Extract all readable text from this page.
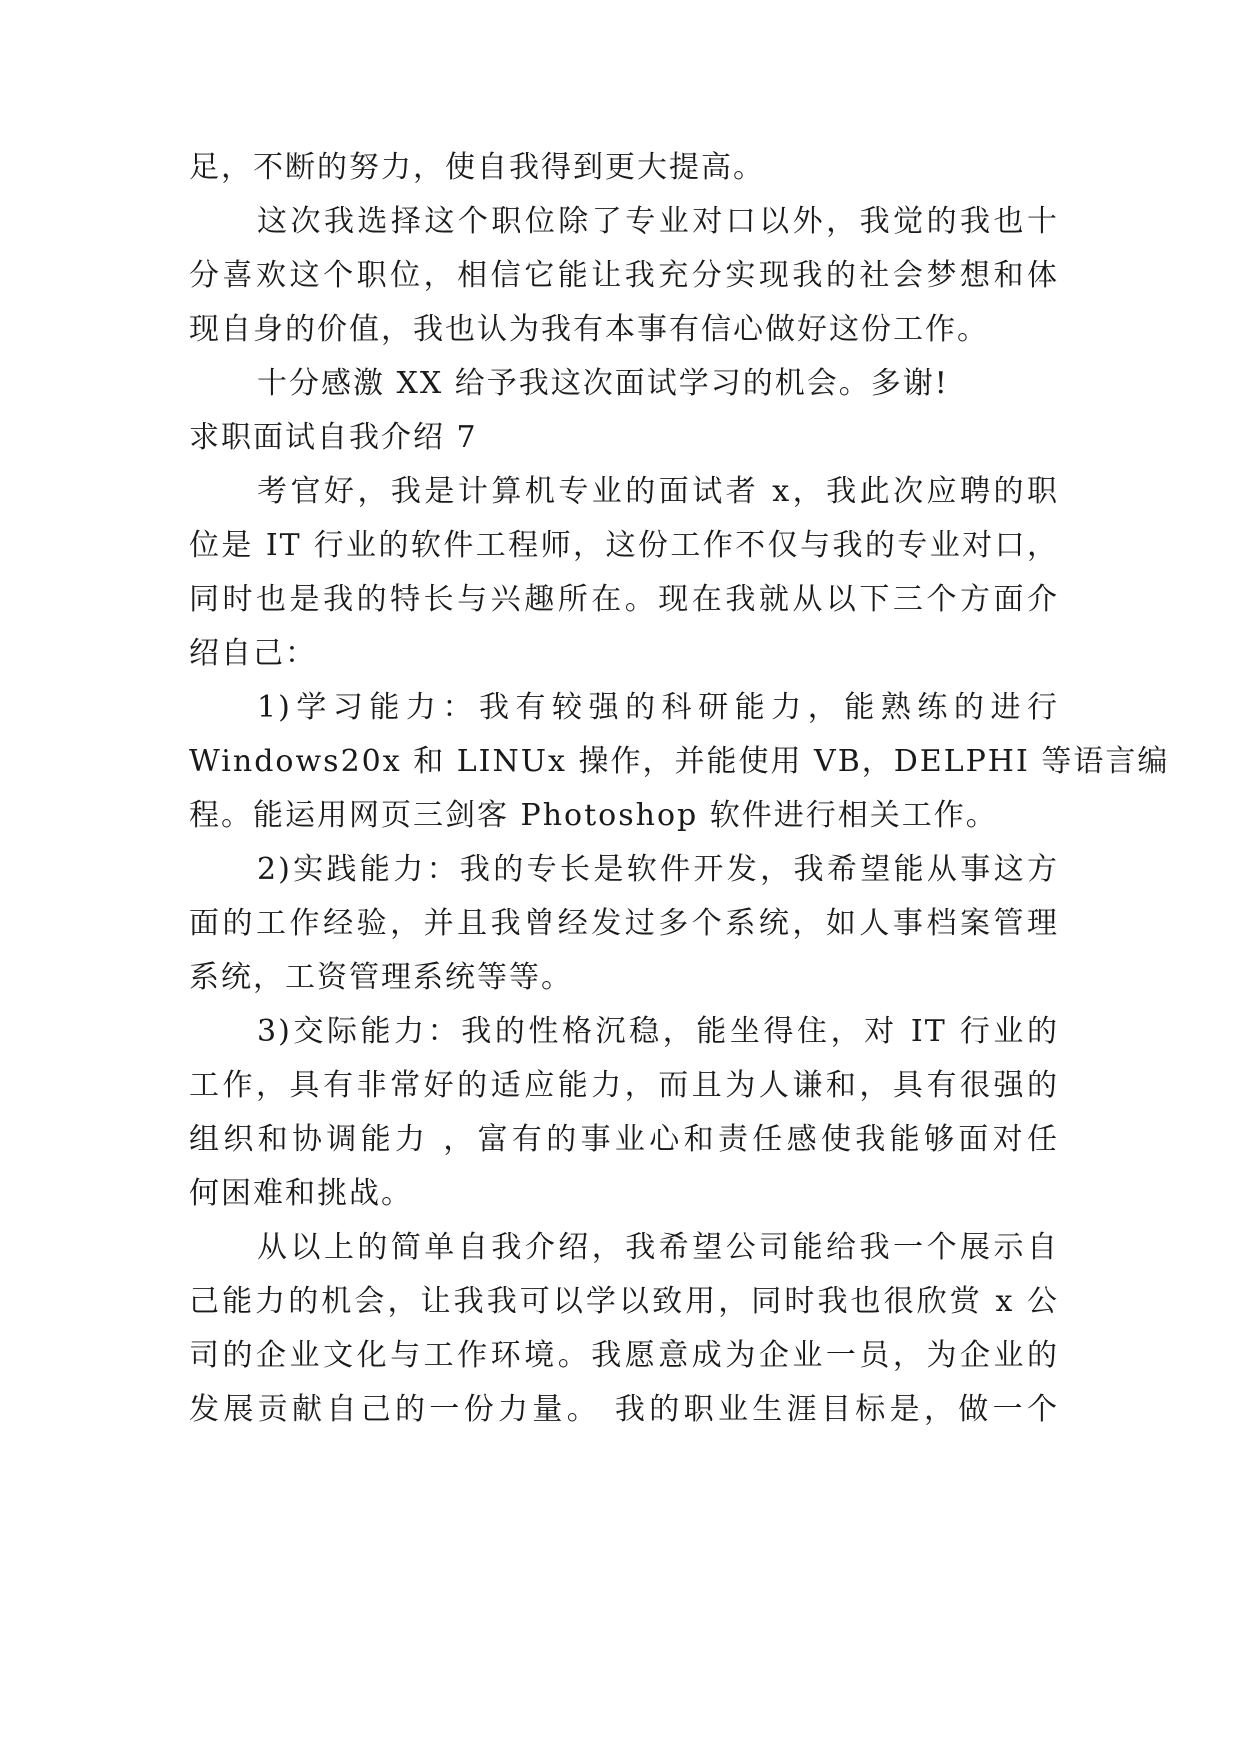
足，不断的努力，使自我得到更大提高。
这次我选择这个职位除了专业对口以外，我觉的我也十
分喜欢这个职位，相信它能让我充分实现我的社会梦想和体
现自身的价值，我也认为我有本事有信心做好这份工作。
十分感激 XX 给予我这次面试学习的机会。多谢!
求职面试自我介绍 7
考官好，我是计算机专业的面试者 x，我此次应聘的职
位是 IT 行业的软件工程师，这份工作不仅与我的专业对口，
同时也是我的特长与兴趣所在。现在我就从以下三个方面介
绍自己：
1)学习能力：我有较强的科研能力，能熟练的进行
Windows20x 和 LINUx 操作，并能使用 VB，DELPHI 等语言编
程。能运用网页三剑客 Photoshop 软件进行相关工作。
2)实践能力：我的专长是软件开发，我希望能从事这方
面的工作经验，并且我曾经发过多个系统，如人事档案管理
系统，工资管理系统等等。
3)交际能力：我的性格沉稳，能坐得住，对 IT 行业的
工作，具有非常好的适应能力，而且为人谦和，具有很强的
组织和协调能力 ，富有的事业心和责任感使我能够面对任
何困难和挑战。
从以上的简单自我介绍，我希望公司能给我一个展示自
己能力的机会，让我我可以学以致用，同时我也很欣赏 x 公
司的企业文化与工作环境。我愿意成为企业一员，为企业的
发展贡献自己的一份力量。 我的职业生涯目标是，做一个
